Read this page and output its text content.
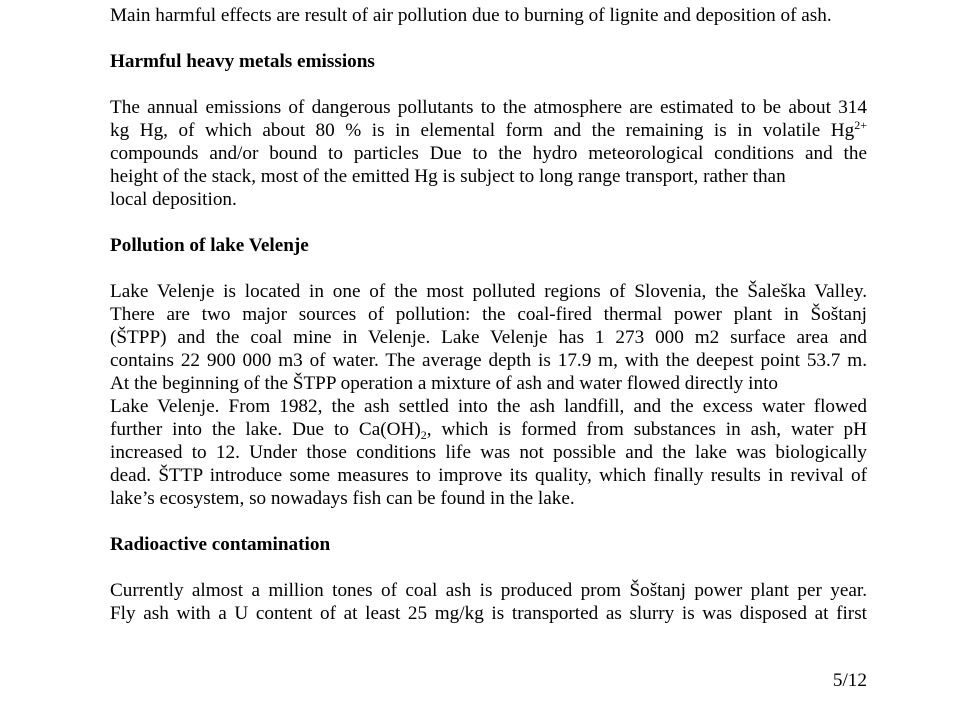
Main harmful effects are result of air pollution due to burning of lignite and deposition of ash.

Harmful heavy metals emissions

The annual emissions of dangerous pollutants to the atmosphere are estimated to be about 314
kg Hg, of which about 80 % is in elemental form and the remaining is in volatile $Hg^{2+}$
compounds and/or bound to particles Due to the hydro meteorological conditions and the
height of the stack, most of the emitted Hg is subject to long range transport, rather than
local deposition.

Pollution of lake Velenje

Lake Velenje is located in one of the most polluted regions of Slovenia, the Šaleška Valley.
There are two major sources of pollution: the coal-fired thermal power plant in Šoštanj
(ŠTPP) and the coal mine in Velenje. Lake Velenje has 1 273 000 m2 surface area and
contains 22 900 000 m3 of water. The average depth is 17.9 m, with the deepest point 53.7 m.
At the beginning of the ŠTPP operation a mixture of ash and water flowed directly into
Lake Velenje. From 1982, the ash settled into the ash landfill, and the excess water flowed
further into the lake. Due to $Ca(OH)_2$, which is formed from substances in ash, water pH
increased to 12. Under those conditions life was not possible and the lake was biologically
dead. ŠTTP introduce some measures to improve its quality, which finally results in revival of
lake’s ecosystem, so nowadays fish can be found in the lake.

Radioactive contamination

Currently almost a million tones of coal ash is produced prom Šoštanj power plant per year.
Fly ash with a U content of at least 25 mg/kg is transported as slurry is was disposed at first

5/12
